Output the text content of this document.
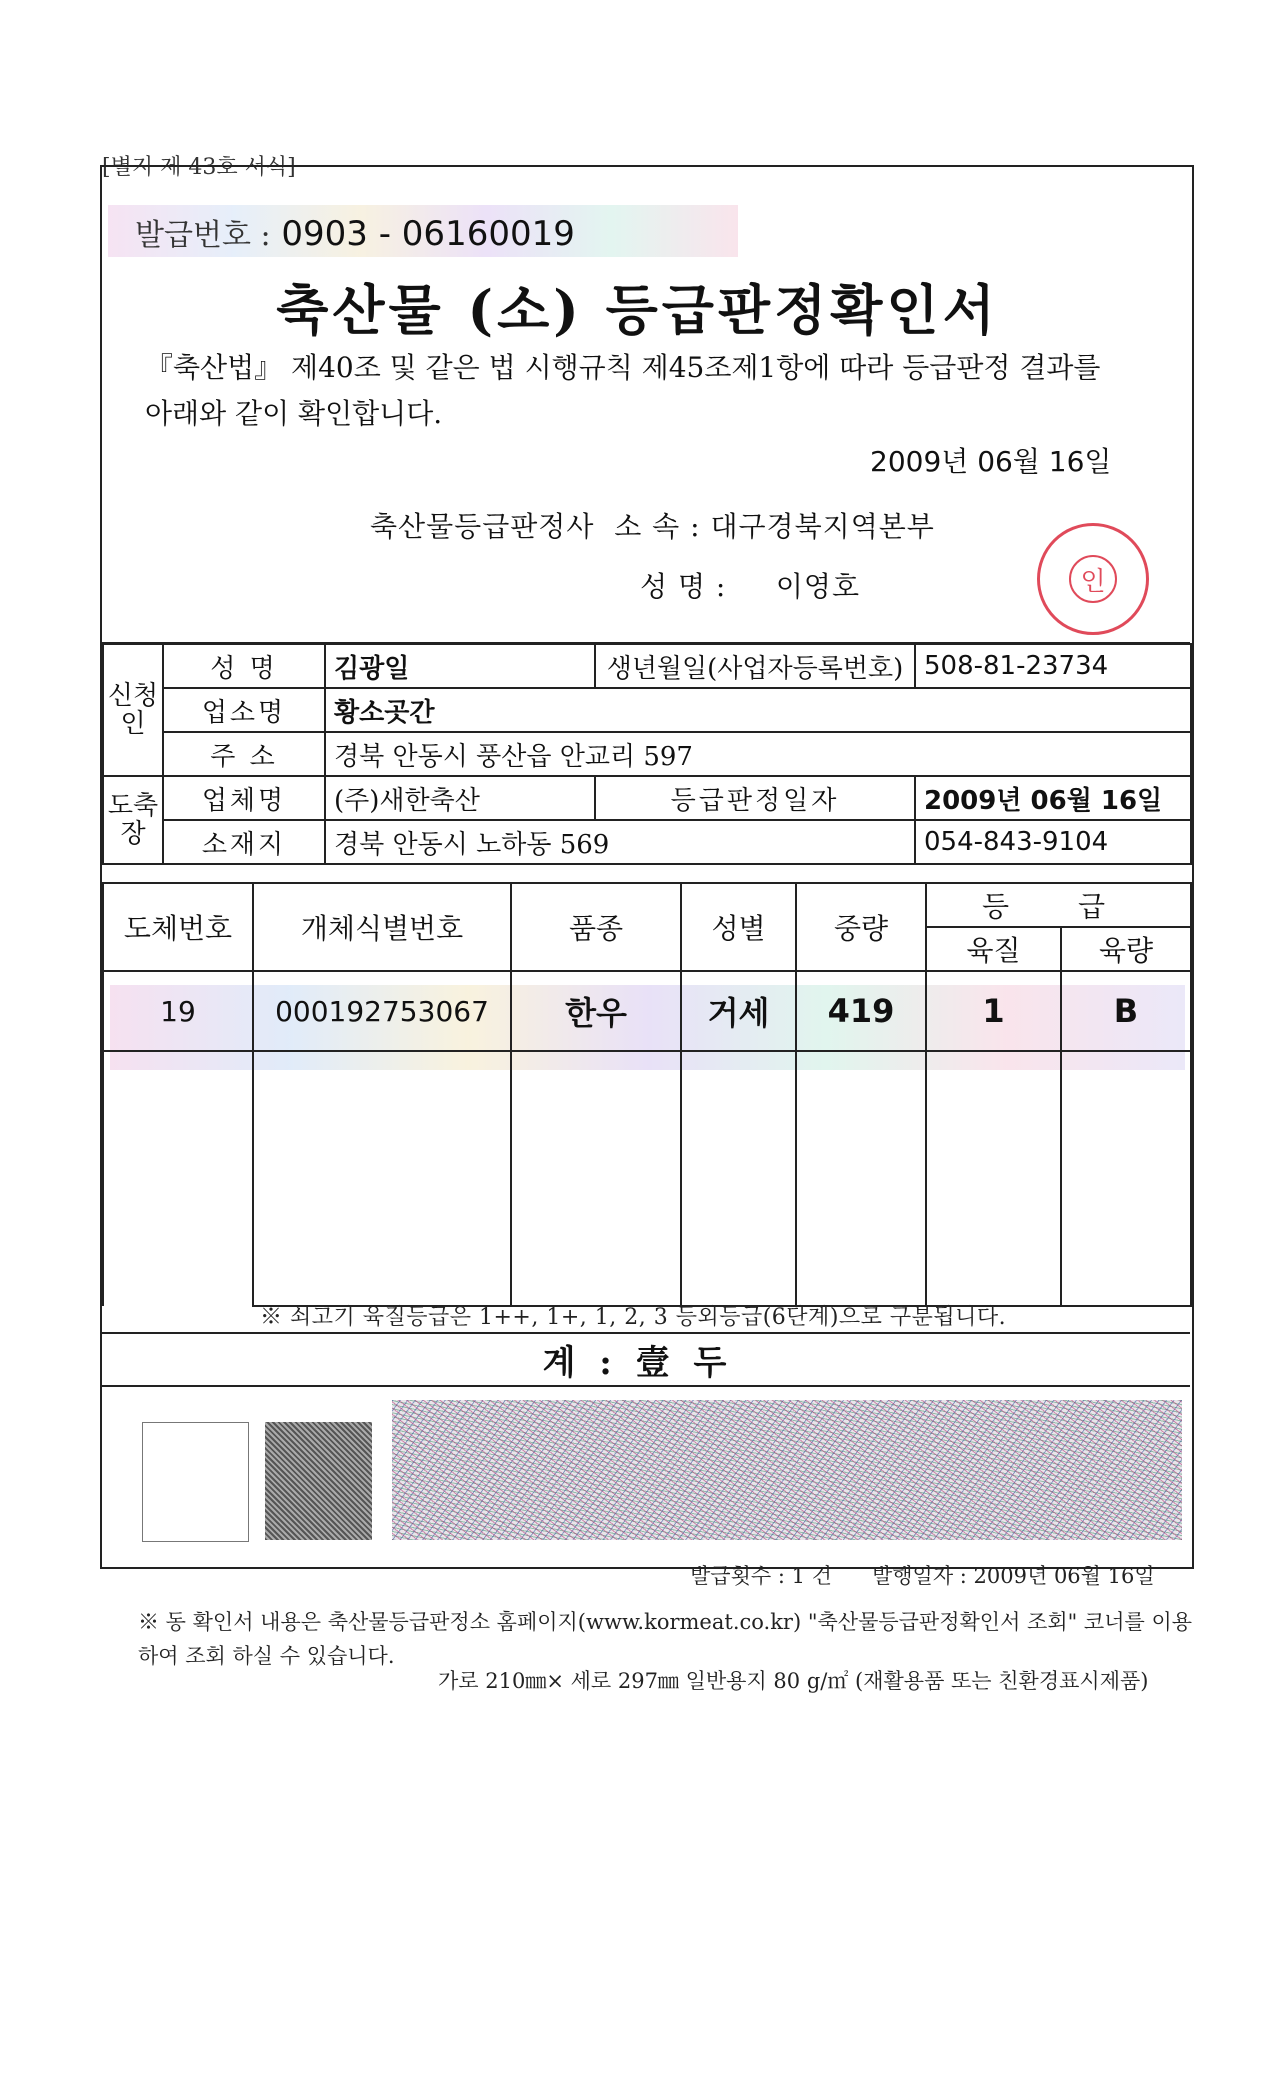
[별지 제 43호 서식]
발급번호 : 0903 - 06160019
축산물 (소) 등급판정확인서
『축산법』 제40조 및 같은 법 시행규칙 제45조제1항에 따라 등급판정 결과를 아래와 같이 확인합니다.
2009년 06월 16일
축산물등급판정사 소 속 : 대구경북지역본부
성 명 : 이영호	인
신청인	성 명	김광일	생년월일(사업자등록번호)	508-81-23734
	업소명	황소곳간		
	주 소	경북 안동시 풍산읍 안교리 597		
도축장	업체명	(주)새한축산	등급판정일자	2009년 06월 16일
	소재지	경북 안동시 노하동 569		054-843-9104
도체번호	개체식별번호	품종	성별	중량	등 급	
					육질	육량
19	000192753067	한우	거세	419	1	B

※ 쇠고기 육질등급은 1++, 1+, 1, 2, 3 등외등급(6단계)으로 구분됩니다.
계 : 壹 두
발급횟수 : 1 건 발행일자 : 2009년 06월 16일
※ 동 확인서 내용은 축산물등급판정소 홈페이지(www.kormeat.co.kr) "축산물등급판정확인서 조회" 코너를 이용하여 조회 하실 수 있습니다.
가로 210㎜× 세로 297㎜ 일반용지 80 g/㎡ (재활용품 또는 친환경표시제품)
